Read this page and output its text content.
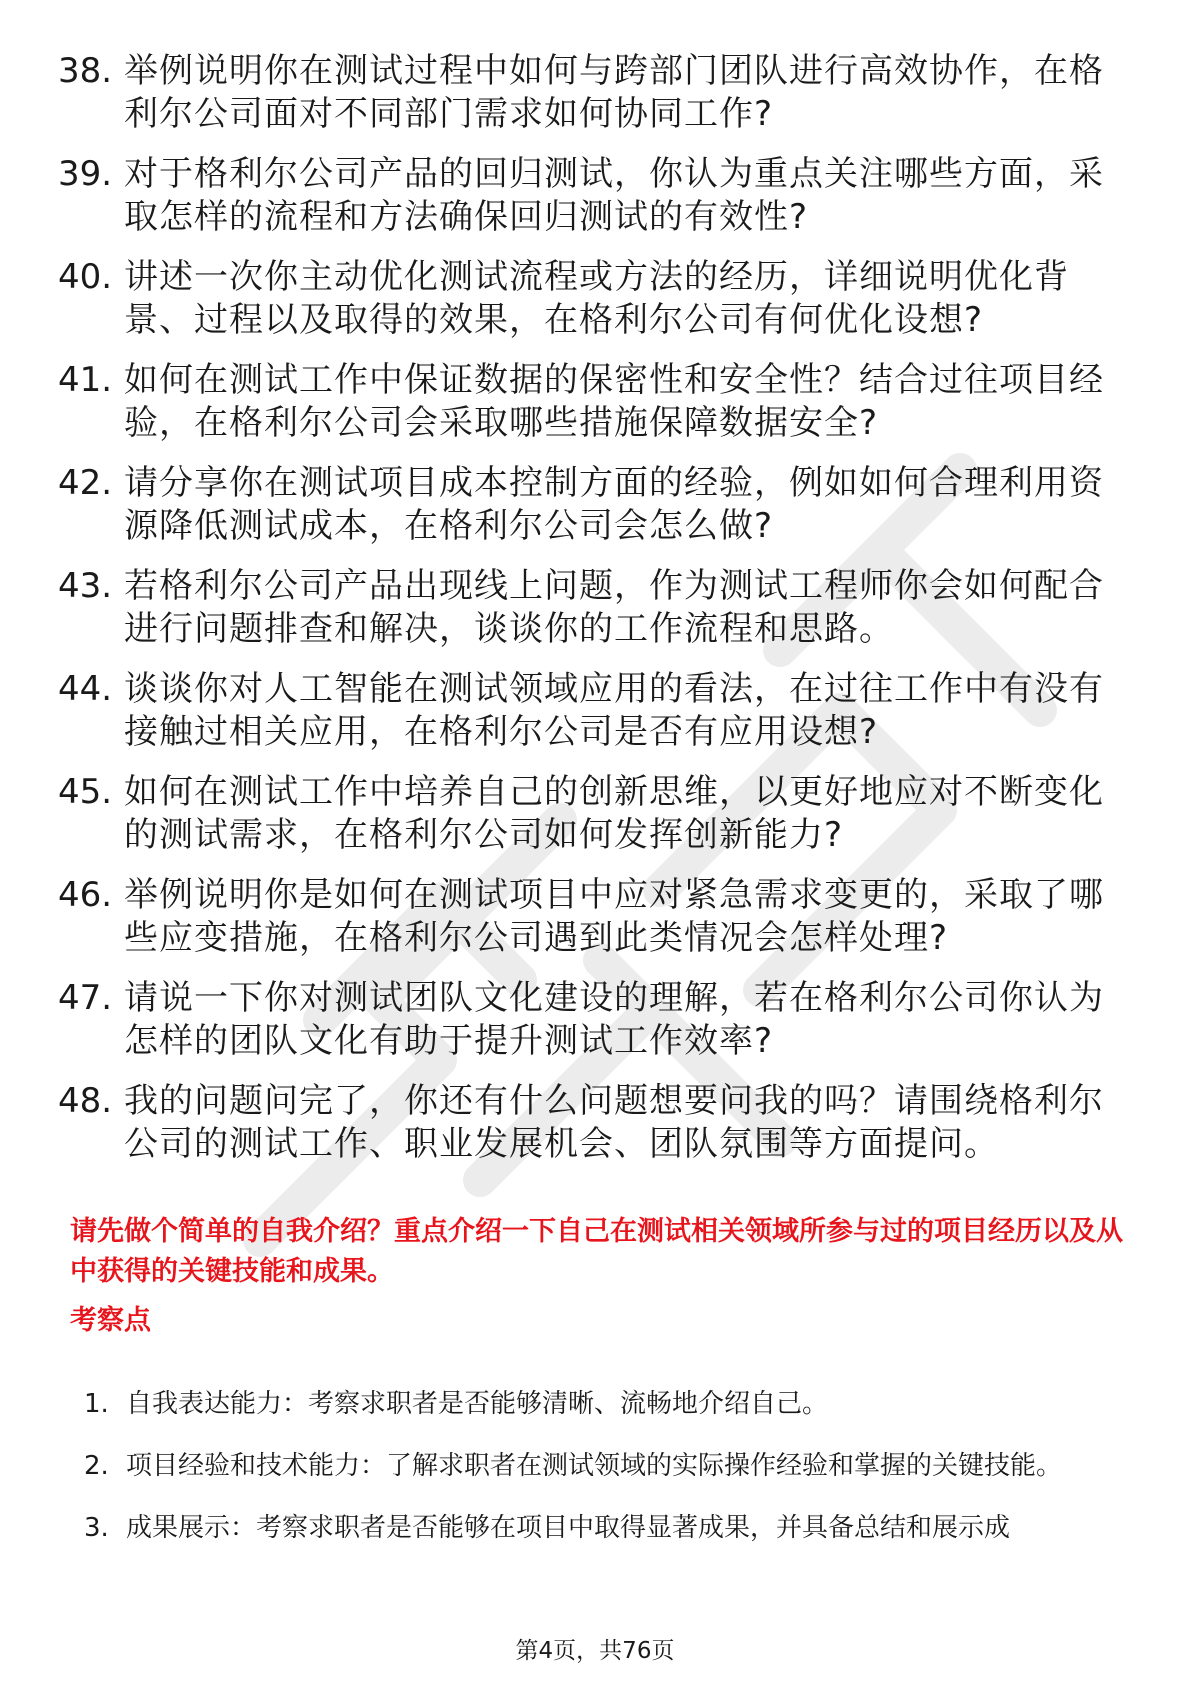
38. 举例说明你在测试过程中如何与跨部门团队进行高效协作，在格利尔公司面对不同部门需求如何协同工作?
39. 对于格利尔公司产品的回归测试，你认为重点关注哪些方面，采取怎样的流程和方法确保回归测试的有效性?
40. 讲述一次你主动优化测试流程或方法的经历，详细说明优化背景、过程以及取得的效果，在格利尔公司有何优化设想?
41. 如何在测试工作中保证数据的保密性和安全性？结合过往项目经验，在格利尔公司会采取哪些措施保障数据安全?
42. 请分享你在测试项目成本控制方面的经验，例如如何合理利用资源降低测试成本，在格利尔公司会怎么做?
43. 若格利尔公司产品出现线上问题，作为测试工程师你会如何配合进行问题排查和解决，谈谈你的工作流程和思路。
44. 谈谈你对人工智能在测试领域应用的看法，在过往工作中有没有接触过相关应用，在格利尔公司是否有应用设想?
45. 如何在测试工作中培养自己的创新思维，以更好地应对不断变化的测试需求，在格利尔公司如何发挥创新能力?
46. 举例说明你是如何在测试项目中应对紧急需求变更的，采取了哪些应变措施，在格利尔公司遇到此类情况会怎样处理?
47. 请说一下你对测试团队文化建设的理解，若在格利尔公司你认为怎样的团队文化有助于提升测试工作效率?
48. 我的问题问完了，你还有什么问题想要问我的吗？请围绕格利尔公司的测试工作、职业发展机会、团队氛围等方面提问。
请先做个简单的自我介绍？重点介绍一下自己在测试相关领域所参与过的项目经历以及从中获得的关键技能和成果。
考察点
1. 自我表达能力：考察求职者是否能够清晰、流畅地介绍自己。
2. 项目经验和技术能力：了解求职者在测试领域的实际操作经验和掌握的关键技能。
3. 成果展示：考察求职者是否能够在项目中取得显著成果，并具备总结和展示成
第4页，共76页
